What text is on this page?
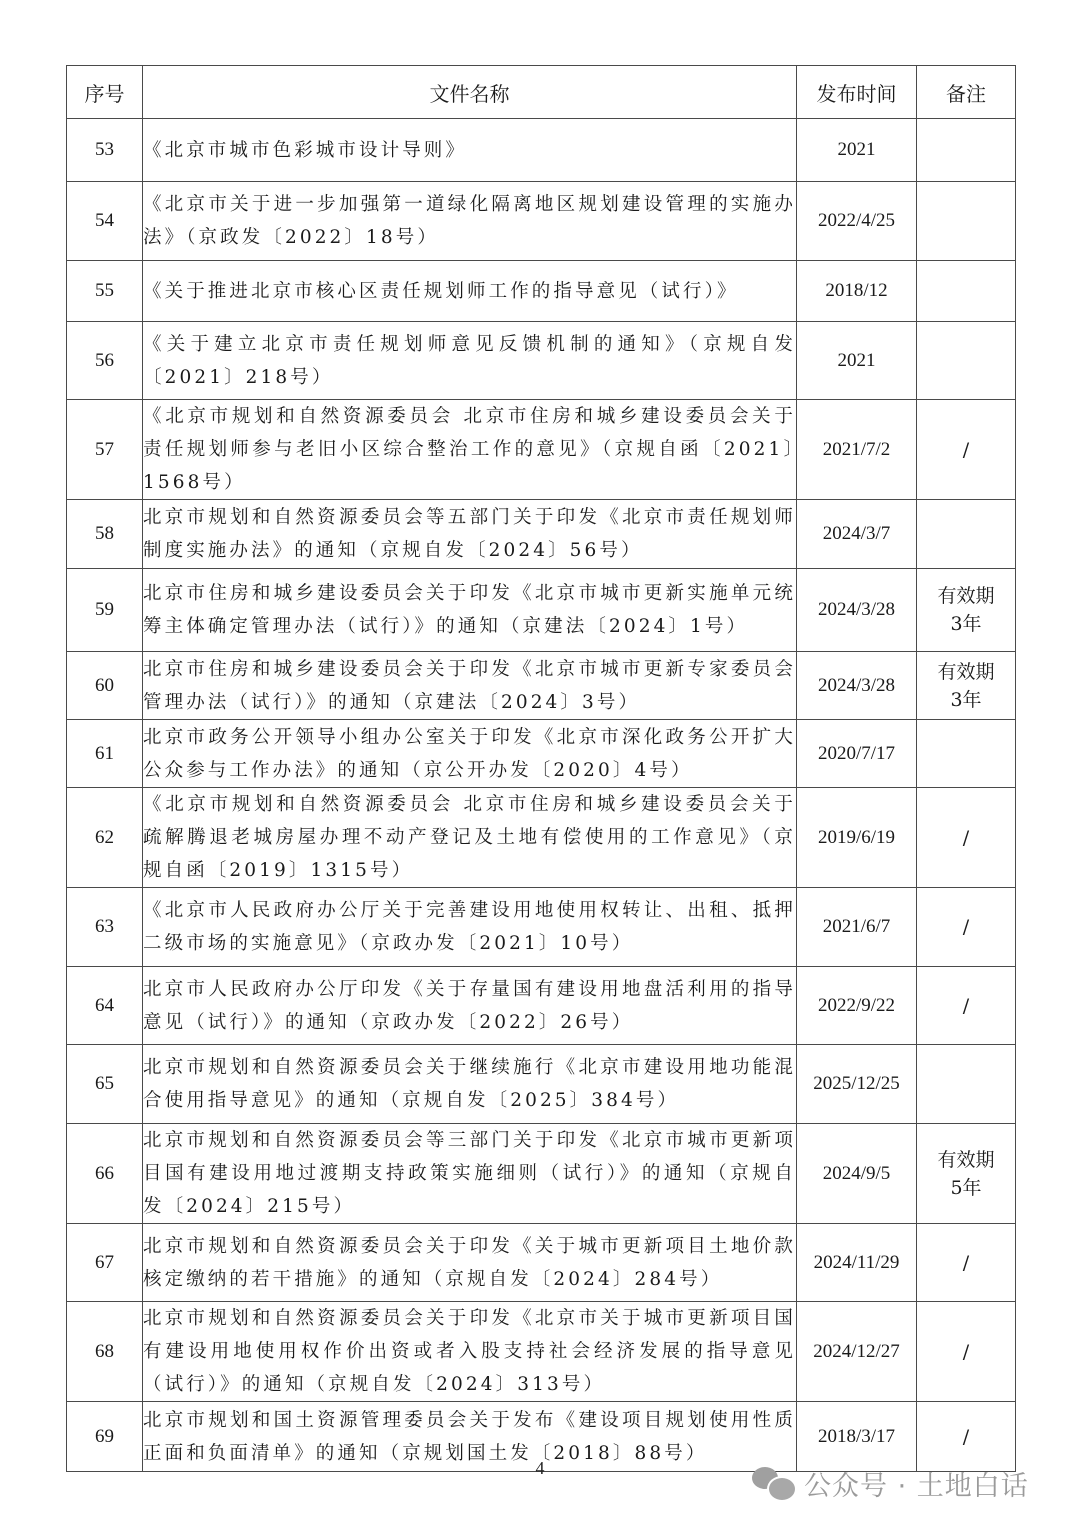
序号	文件名称	发布时间	备注
53	《北京市城市色彩城市设计导则》	2021	
54	《北京市关于进一步加强第一道绿化隔离地区规划建设管理的实施办法》（京政发〔2022〕18号）	2022/4/25	
55	《关于推进北京市核心区责任规划师工作的指导意见（试行）》	2018/12	
56	《关于建立北京市责任规划师意见反馈机制的通知》（京规自发〔2021〕218号）	2021	
57	《北京市规划和自然资源委员会 北京市住房和城乡建设委员会关于责任规划师参与老旧小区综合整治工作的意见》（京规自函〔2021〕1568号）	2021/7/2	/
58	北京市规划和自然资源委员会等五部门关于印发《北京市责任规划师制度实施办法》的通知（京规自发〔2024〕56号）	2024/3/7	
59	北京市住房和城乡建设委员会关于印发《北京市城市更新实施单元统筹主体确定管理办法（试行）》的通知（京建法〔2024〕1号）	2024/3/28	有效期
3年
60	北京市住房和城乡建设委员会关于印发《北京市城市更新专家委员会管理办法（试行）》的通知（京建法〔2024〕3号）	2024/3/28	有效期
3年
61	北京市政务公开领导小组办公室关于印发《北京市深化政务公开扩大公众参与工作办法》的通知（京公开办发〔2020〕4号）	2020/7/17	
62	《北京市规划和自然资源委员会 北京市住房和城乡建设委员会关于疏解腾退老城房屋办理不动产登记及土地有偿使用的工作意见》（京规自函〔2019〕1315号）	2019/6/19	/
63	《北京市人民政府办公厅关于完善建设用地使用权转让、出租、抵押二级市场的实施意见》（京政办发〔2021〕10号）	2021/6/7	/
64	北京市人民政府办公厅印发《关于存量国有建设用地盘活利用的指导意见（试行）》的通知（京政办发〔2022〕26号）	2022/9/22	/
65	北京市规划和自然资源委员会关于继续施行《北京市建设用地功能混合使用指导意见》的通知（京规自发〔2025〕384号）	2025/12/25	
66	北京市规划和自然资源委员会等三部门关于印发《北京市城市更新项目国有建设用地过渡期支持政策实施细则（试行）》的通知（京规自发〔2024〕215号）	2024/9/5	有效期
5年
67	北京市规划和自然资源委员会关于印发《关于城市更新项目土地价款核定缴纳的若干措施》的通知（京规自发〔2024〕284号）	2024/11/29	/
68	北京市规划和自然资源委员会关于印发《北京市关于城市更新项目国有建设用地使用权作价出资或者入股支持社会经济发展的指导意见（试行）》的通知（京规自发〔2024〕313号）	2024/12/27	/
69	北京市规划和国土资源管理委员会关于发布《建设项目规划使用性质正面和负面清单》的通知（京规划国土发〔2018〕88号）	2018/3/17	/
4
公众号 · 土地白话
